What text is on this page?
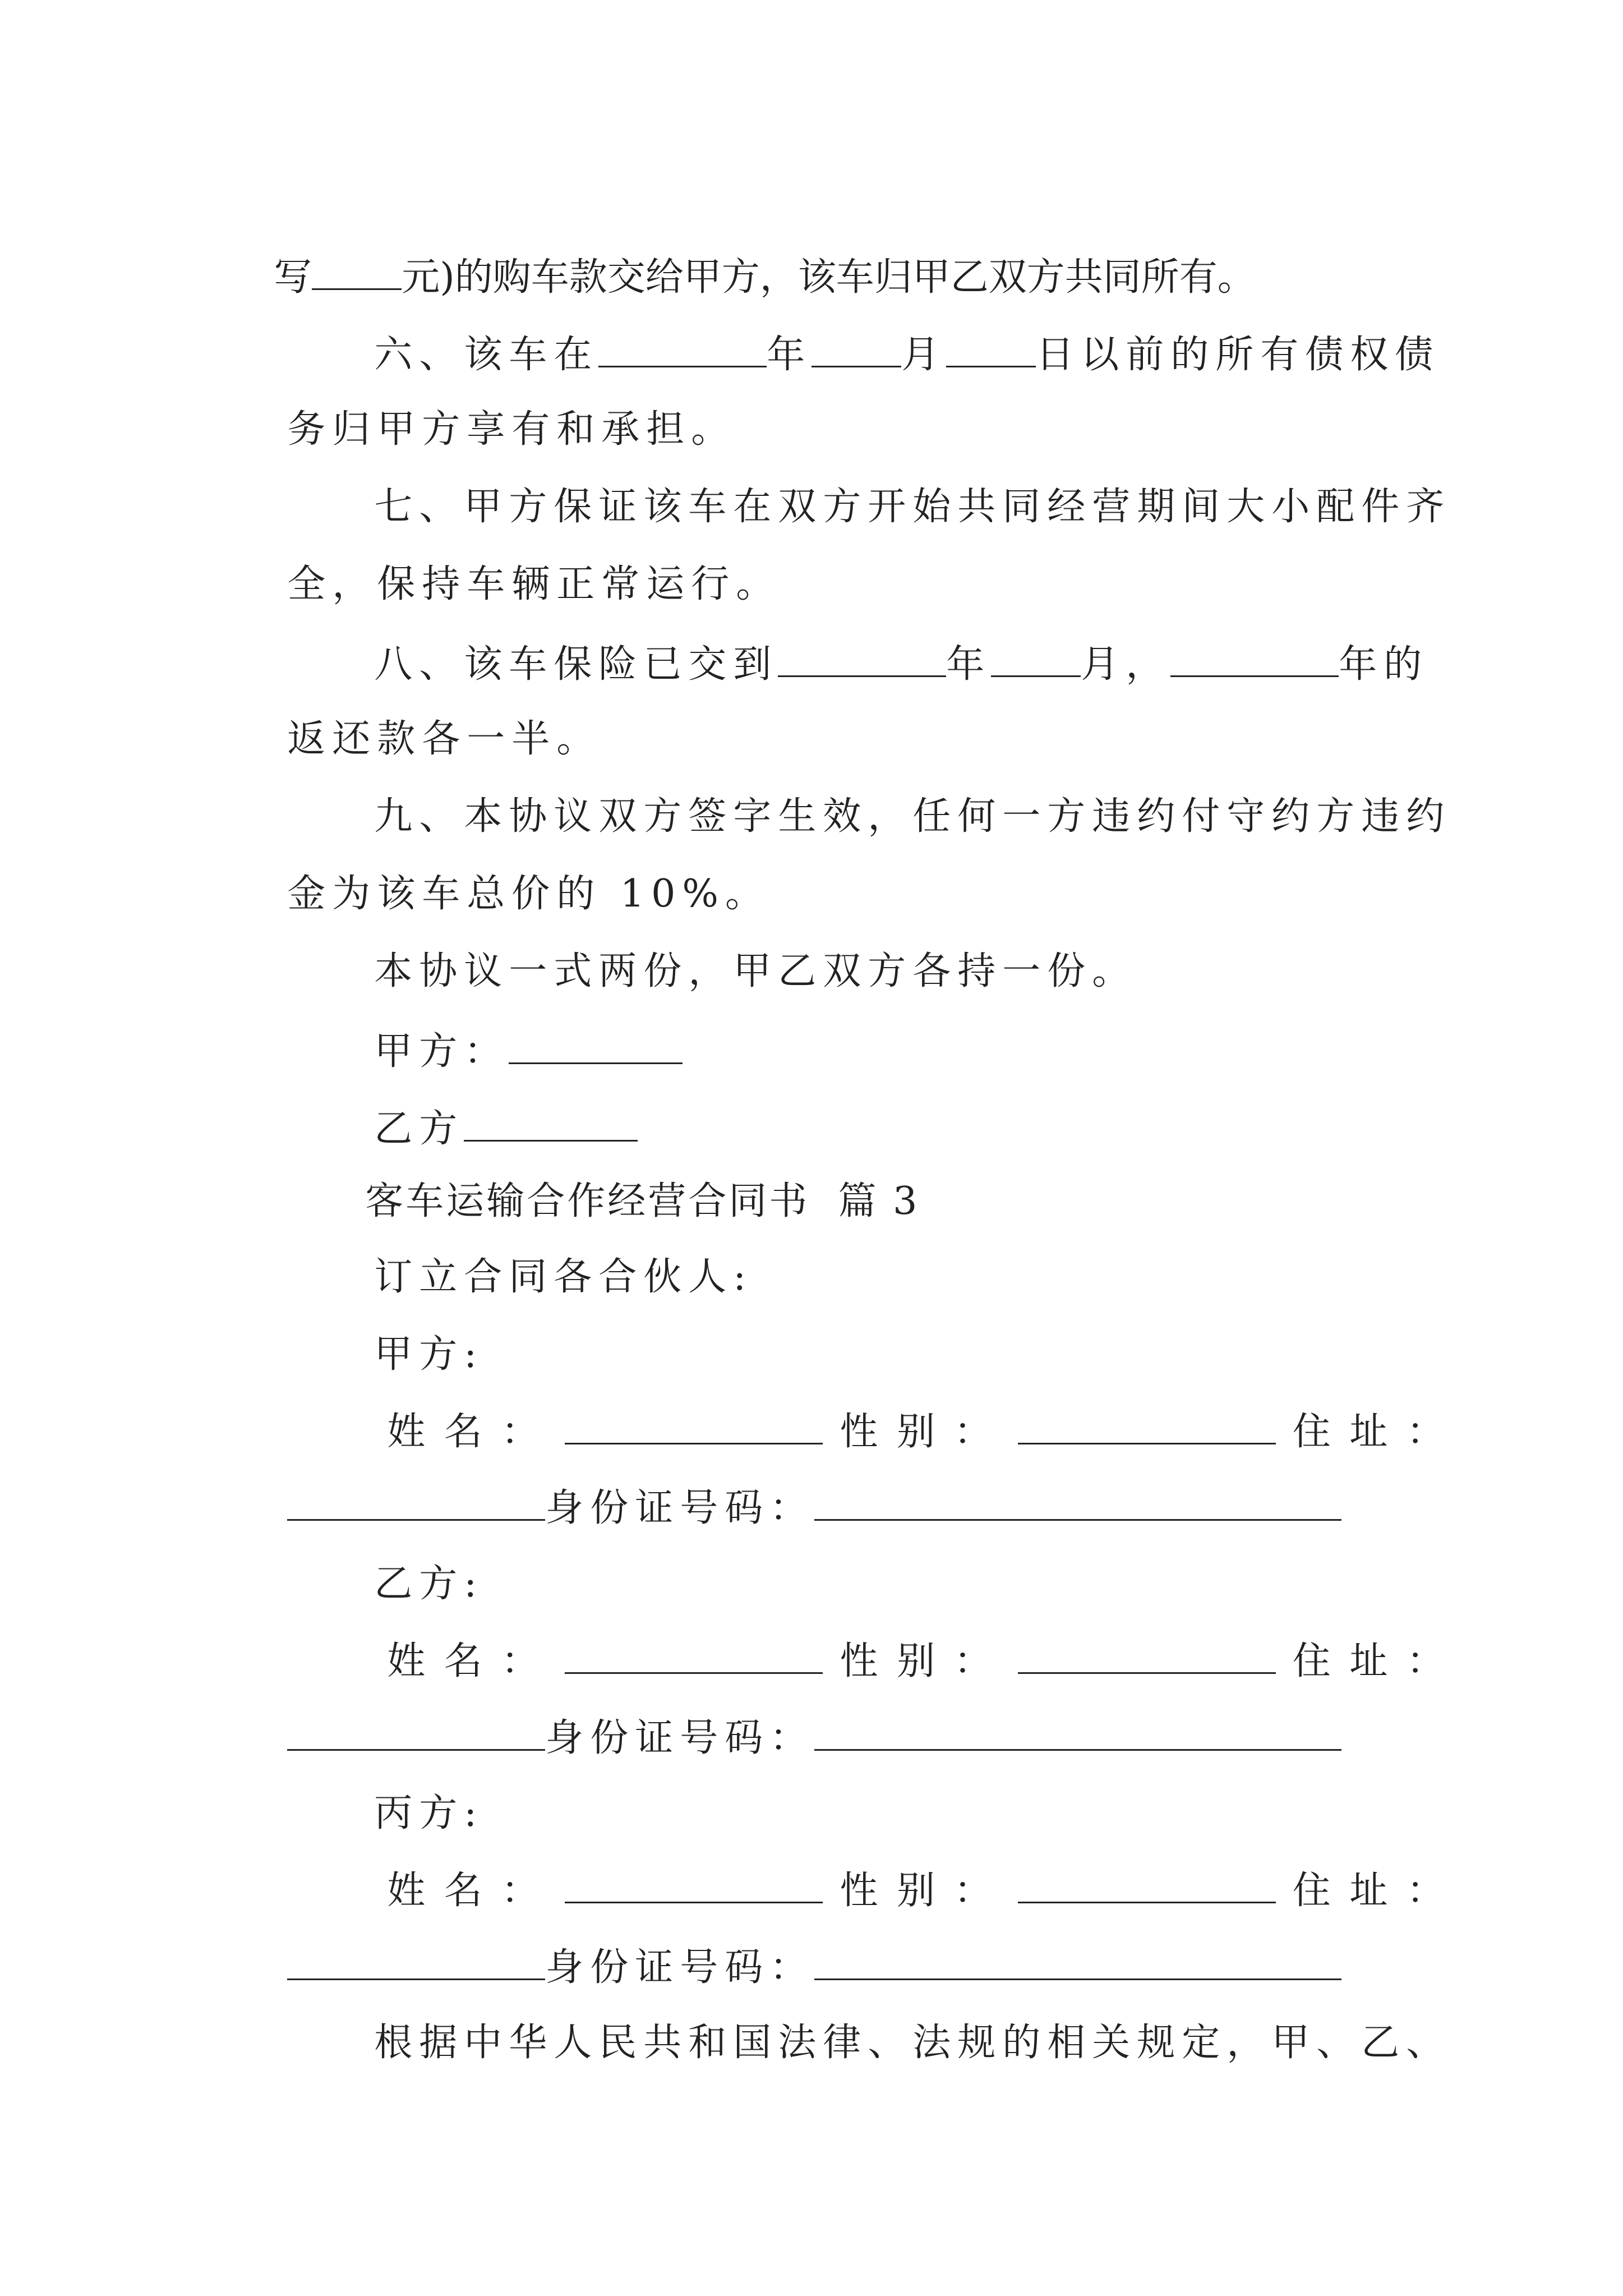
写 元)的购车款交给甲方，该车归甲乙双方共同所有。

六、该车在	年 月 日以前的所有债权债

务归甲方享有和承担。

七、甲方保证该车在双方开始共同经营期间大小配件齐

全，保持车辆正常运行。

八、该车保险已交到	年 月，	年的

返还款各一半。

九、本协议双方签字生效，任何一方违约付守约方违约

金为该车总价的 10%。

本协议一式两份，甲乙双方各持一份。

甲方：

乙方

客车运输合作经营合同书  篇 3

订立合同各合伙人:

甲方:

姓 名 ：	性 别 ：	住 址 ：

身份证号码：

乙方:

姓 名 ：	性 别 ：	住 址 ：

身份证号码：

丙方:

姓 名 ：	性 别 ：	住 址 ：

身份证号码：

根据中华人民共和国法律、法规的相关规定，甲、乙、
